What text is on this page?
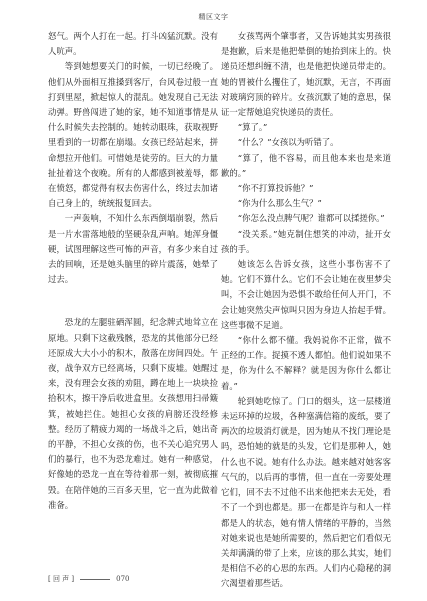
精区文字

怒气。两个人打在一起。打斗凶猛沉默。没有人吭声。

等到她想要关门的时候，一切已经晚了。他们从外面相互推搡到客厅，台风卷过般一直打到里屋，掀起惊人的混乱。她发现自己无法动弹。野兽闯进了她的家，她不知道事情是从什么时候失去控制的。她转动眼珠，获取视野里看到的一切都在崩塌。女孩已经站起来，拼命想拉开他们。可惜她是徒劳的。巨大的力量扯扯着这个夜晚。所有的人都感到被羞辱，都在愤怒，都觉得有权去伤害什么，终过去加诸自己身上的，统统报复回去。

一声轰响，不知什么东西倒塌崩裂，然后是一片水雷落地般的坚硬杂乱声响。她浑身僵硬，试图理解这些可怖的声音，有多少来自过去的回响，还是她头脑里的碎片震荡，她晕了过去。

恐龙的左腿驻硒浑圆，纪念牌式地耸立在原地。只剩下这截残骸，恐龙的其他部分已经还原成大大小小的积木，散落在房间四处。午夜，战争双方已经离场，只剩下废墟。她醒过来，没有理会女孩的劝阻，蹲在地上一块块捡拾积木，擦干净后收进盒里。女孩想用扫帚簸箕，被她拦住。她担心女孩的肩膀还没经修整。经历了精疲力竭的一场战斗之后，她出奇的平静，不担心女孩的伤，也不关心追究男人们的暴行，也不为恐龙难过。她有一种感觉，好像她的恐龙一直在等待着那一刻，被彻底摧毁。在陪伴她的三百多天里，它一直为此做着准备。

女孩骂两个肇事者，又告诉她其实男孩很是抱歉，后来是他把晕倒的她抬到床上的。快递员还想纠缠不清，也是他把快递员带走的。她的胃被什么攫住了，她沉默，无言，不再面对玻璃窍顶的碎片。女孩沉默了她的意思，保证一定帮她追究快递员的责任。

“算了。”

“什么？”女孩以为听错了。

“算了，他不容易，而且他本来也是来道歉的。”

“你不打算投诉他？”

“你为什么那么生气？”

“你怎么没点脾气呢？谁都可以揉搓你。”

“没关系。”她克制住想笑的冲动，扯开女孩的手。

她该怎么告诉女孩，这些小事伤害不了她。它们不算什么。它们不会让她在夜里梦尖叫，不会让她因为恐惧不敢给任何人开门，不会让她突然尖声惊叫只因为身边人抬起手臂。这些事微不足道。

“你什么都不懂。我妈说你不正常，做不正经的工作。捉摸不透人都怕。他们说如果不是，你为什么不解释？就是因为你什么都让着。”

轮到她吃惊了。门口的烟头，这一层楼道未运环掉的垃圾，各种塞满信箱的废纸，要了两次的垃圾消灯就是，因为她从不找门理论是吗，恐怕她的就是的头发，它们是那种人，她什么也不说。她有什么办法。越来越对她客客气气的，以后再的事情，但一直在一旁要处理它们，回不去不过他不出来他把来去无处，看不了一个到也都是。那一在都是许与和人一样都是人的状态，她有情人情绪的平静的，当然对她来说也是她所需要的，然后把它们看似无关却满满的带了上来，应该的那么其实，她们是相信不必的心思的东西。人们内心隐秘的洞穴渴望着那些话。

[ 回 声 ]	070
